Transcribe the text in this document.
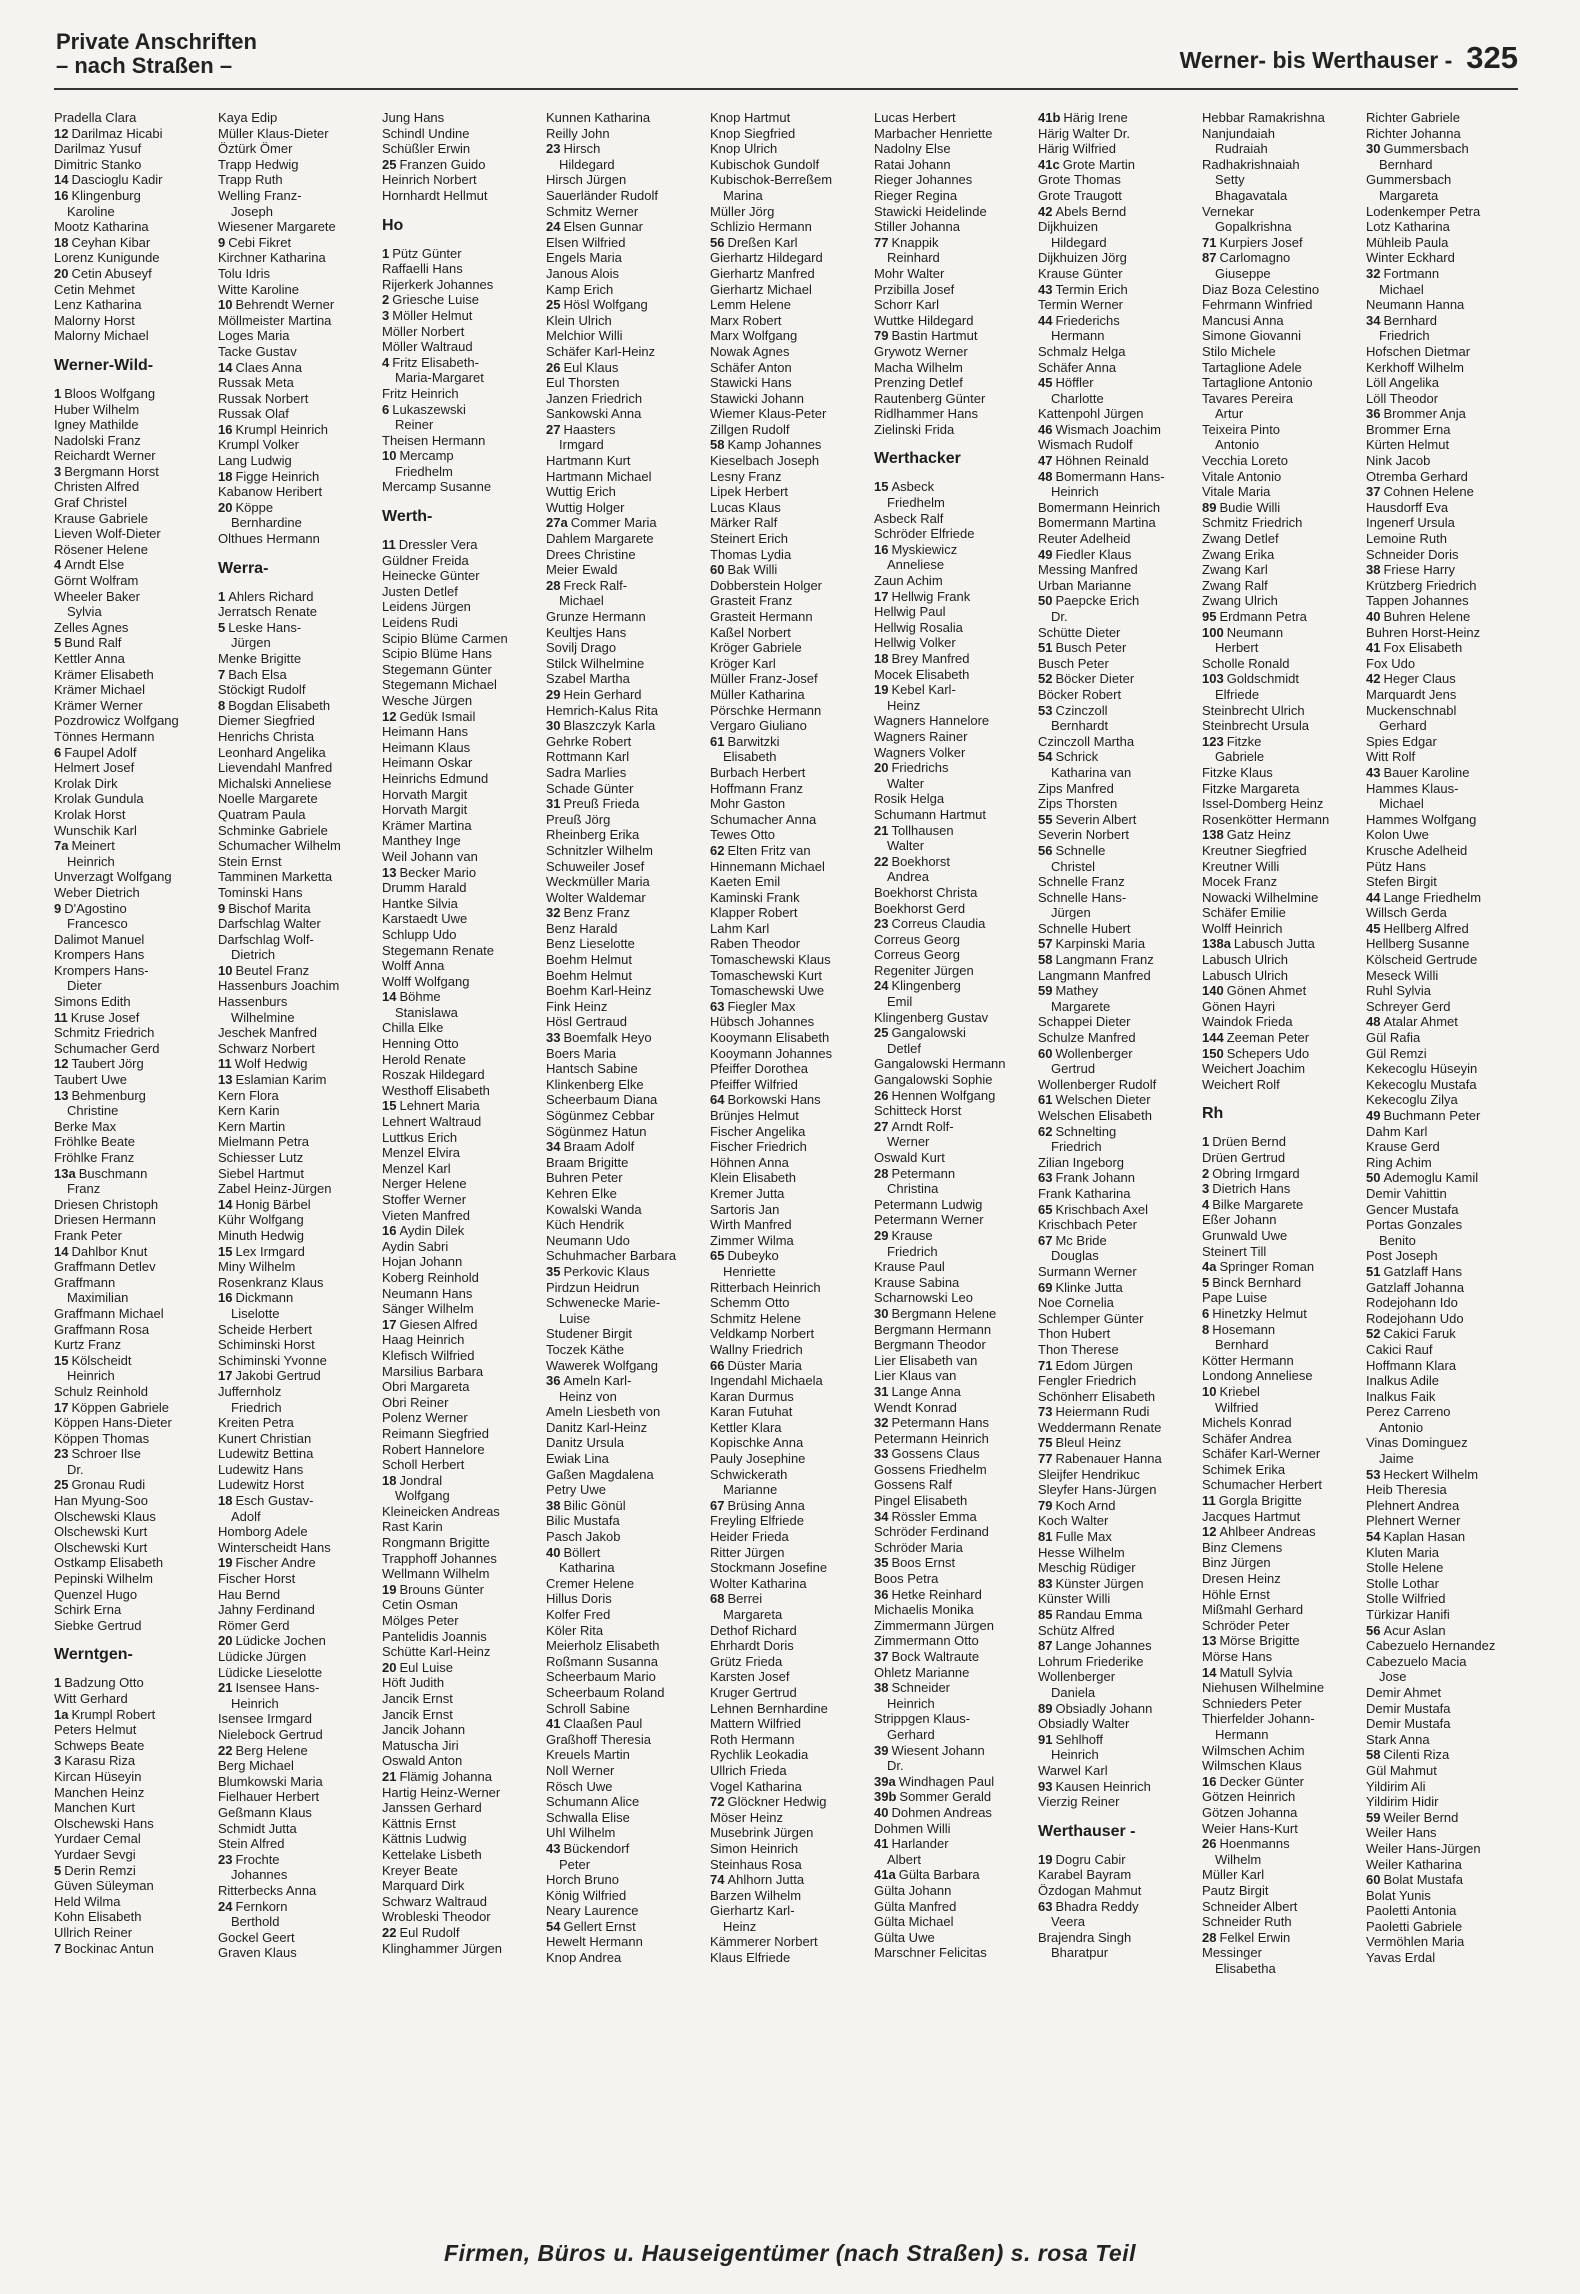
Private Anschriften
– nach Straßen –	Werner- bis Werthauser - 325
Pradella Clara
12 Darilmaz Hicabi
Darilmaz Yusuf
Dimitric Stanko
14 Dascioglu Kadir
16 Klingenburg
Karoline
Mootz Katharina
18 Ceyhan Kibar
Lorenz Kunigunde
20 Cetin Abuseyf
Cetin Mehmet
Lenz Katharina
Malorny Horst
Malorny Michael
Werner-Wild-
1 Bloos Wolfgang
Huber Wilhelm
Igney Mathilde
Nadolski Franz
Reichardt Werner
3 Bergmann Horst
Christen Alfred
Graf Christel
Krause Gabriele
Lieven Wolf-Dieter
Rösener Helene
4 Arndt Else
Görnt Wolfram
Wheeler Baker
Sylvia
Zelles Agnes
5 Bund Ralf
Kettler Anna
Krämer Elisabeth
Krämer Michael
Krämer Werner
Pozdrowicz Wolfgang
Tönnes Hermann
6 Faupel Adolf
Helmert Josef
Krolak Dirk
Krolak Gundula
Krolak Horst
Wunschik Karl
7a Meinert
Heinrich
Unverzagt Wolfgang
Weber Dietrich
9 D'Agostino
Francesco
Dalimot Manuel
Krompers Hans
Krompers Hans-
Dieter
Simons Edith
11 Kruse Josef
Schmitz Friedrich
Schumacher Gerd
12 Taubert Jörg
Taubert Uwe
13 Behmenburg
Christine
Berke Max
Fröhlke Beate
Fröhlke Franz
13a Buschmann
Franz
Driesen Christoph
Driesen Hermann
Frank Peter
14 Dahlbor Knut
Graffmann Detlev
Graffmann
Maximilian
Graffmann Michael
Graffmann Rosa
Kurtz Franz
15 Kölscheidt
Heinrich
Schulz Reinhold
17 Köppen Gabriele
Köppen Hans-Dieter
Köppen Thomas
23 Schroer Ilse
Dr.
25 Gronau Rudi
Han Myung-Soo
Olschewski Klaus
Olschewski Kurt
Olschewski Kurt
Ostkamp Elisabeth
Pepinski Wilhelm
Quenzel Hugo
Schirk Erna
Siebke Gertrud
Werntgen-
1 Badzung Otto
Witt Gerhard
1a Krumpl Robert
Peters Helmut
Schweps Beate
3 Karasu Riza
Kircan Hüseyin
Manchen Heinz
Manchen Kurt
Olschewski Hans
Yurdaer Cemal
Yurdaer Sevgi
5 Derin Remzi
Güven Süleyman
Held Wilma
Kohn Elisabeth
Ullrich Reiner
7 Bockinac Antun
Kaya Edip
Müller Klaus-Dieter
Öztürk Ömer
Trapp Hedwig
Trapp Ruth
Welling Franz-
Joseph
Wiesener Margarete
9 Cebi Fikret
Kirchner Katharina
Tolu Idris
Witte Karoline
10 Behrendt Werner
Möllmeister Martina
Loges Maria
Tacke Gustav
14 Claes Anna
Russak Meta
Russak Norbert
Russak Olaf
16 Krumpl Heinrich
Krumpl Volker
Lang Ludwig
18 Figge Heinrich
Kabanow Heribert
20 Köppe
Bernhardine
Olthues Hermann
Werra-
1 Ahlers Richard
Jerratsch Renate
5 Leske Hans-
Jürgen
Menke Brigitte
7 Bach Elsa
Stöckigt Rudolf
8 Bogdan Elisabeth
Diemer Siegfried
Henrichs Christa
Leonhard Angelika
Lievendahl Manfred
Michalski Anneliese
Noelle Margarete
Quatram Paula
Schminke Gabriele
Schumacher Wilhelm
Stein Ernst
Tamminen Marketta
Tominski Hans
9 Bischof Marita
Darfschlag Walter
Darfschlag Wolf-
Dietrich
10 Beutel Franz
Hassenburs Joachim
Hassenburs
Wilhelmine
Jeschek Manfred
Schwarz Norbert
11 Wolf Hedwig
13 Eslamian Karim
Kern Flora
Kern Karin
Kern Martin
Mielmann Petra
Schiesser Lutz
Siebel Hartmut
Zabel Heinz-Jürgen
14 Honig Bärbel
Kühr Wolfgang
Minuth Hedwig
15 Lex Irmgard
Miny Wilhelm
Rosenkranz Klaus
16 Dickmann
Liselotte
Scheide Herbert
Schiminski Horst
Schiminski Yvonne
17 Jakobi Gertrud
Juffernholz
Friedrich
Kreiten Petra
Kunert Christian
Ludewitz Bettina
Ludewitz Hans
Ludewitz Horst
18 Esch Gustav-
Adolf
Homborg Adele
Winterscheidt Hans
19 Fischer Andre
Fischer Horst
Hau Bernd
Jahny Ferdinand
Römer Gerd
20 Lüdicke Jochen
Lüdicke Jürgen
Lüdicke Lieselotte
21 Isensee Hans-
Heinrich
Isensee Irmgard
Nielebock Gertrud
22 Berg Helene
Berg Michael
Blumkowski Maria
Fielhauer Herbert
Geßmann Klaus
Schmidt Jutta
Stein Alfred
23 Frochte
Johannes
Ritterbecks Anna
24 Fernkorn
Berthold
Gockel Geert
Graven Klaus
Jung Hans
Schindl Undine
Schüßler Erwin
25 Franzen Guido
Heinrich Norbert
Hornhardt Hellmut
Ho
1 Pütz Günter
Raffaelli Hans
Rijerkerk Johannes
2 Griesche Luise
3 Möller Helmut
Möller Norbert
Möller Waltraud
4 Fritz Elisabeth-
Maria-Margaret
Fritz Heinrich
6 Lukaszewski
Reiner
Theisen Hermann
10 Mercamp
Friedhelm
Mercamp Susanne
Werth-
11 Dressler Vera
Güldner Freida
Heinecke Günter
Justen Detlef
Leidens Jürgen
Leidens Rudi
Scipio Blüme Carmen
Scipio Blüme Hans
Stegemann Günter
Stegemann Michael
Wesche Jürgen
12 Gedük Ismail
Heimann Hans
Heimann Klaus
Heimann Oskar
Heinrichs Edmund
Horvath Margit
Horvath Margit
Krämer Martina
Manthey Inge
Weil Johann van
13 Becker Mario
Drumm Harald
Hantke Silvia
Karstaedt Uwe
Schlupp Udo
Stegemann Renate
Wolff Anna
Wolff Wolfgang
14 Böhme
Stanislawa
Chilla Elke
Henning Otto
Herold Renate
Roszak Hildegard
Westhoff Elisabeth
15 Lehnert Maria
Lehnert Waltraud
Luttkus Erich
Menzel Elvira
Menzel Karl
Nerger Helene
Stoffer Werner
Vieten Manfred
16 Aydin Dilek
Aydin Sabri
Hojan Johann
Koberg Reinhold
Neumann Hans
Sänger Wilhelm
17 Giesen Alfred
Haag Heinrich
Klefisch Wilfried
Marsilius Barbara
Obri Margareta
Obri Reiner
Polenz Werner
Reimann Siegfried
Robert Hannelore
Scholl Herbert
18 Jondral
Wolfgang
Kleineicken Andreas
Rast Karin
Rongmann Brigitte
Trapphoff Johannes
Wellmann Wilhelm
19 Brouns Günter
Cetin Osman
Mölges Peter
Pantelidis Joannis
Schütte Karl-Heinz
20 Eul Luise
Höft Judith
Jancik Ernst
Jancik Ernst
Jancik Johann
Matuscha Jiri
Oswald Anton
21 Flämig Johanna
Hartig Heinz-Werner
Janssen Gerhard
Kättnis Ernst
Kättnis Ludwig
Kettelake Lisbeth
Kreyer Beate
Marquard Dirk
Schwarz Waltraud
Wrobleski Theodor
22 Eul Rudolf
Klinghammer Jürgen
Kunnen Katharina
Reilly John
23 Hirsch
Hildegard
Hirsch Jürgen
Sauerländer Rudolf
Schmitz Werner
24 Elsen Gunnar
Elsen Wilfried
Engels Maria
Janous Alois
Kamp Erich
25 Hösl Wolfgang
Klein Ulrich
Melchior Willi
Schäfer Karl-Heinz
26 Eul Klaus
Eul Thorsten
Janzen Friedrich
Sankowski Anna
27 Haasters
Irmgard
Hartmann Kurt
Hartmann Michael
Wuttig Erich
Wuttig Holger
27a Commer Maria
Dahlem Margarete
Drees Christine
Meier Ewald
28 Freck Ralf-
Michael
Grunze Hermann
Keultjes Hans
Sovilj Drago
Stilck Wilhelmine
Szabel Martha
29 Hein Gerhard
Hemrich-Kalus Rita
30 Blaszczyk Karla
Gehrke Robert
Rottmann Karl
Sadra Marlies
Schade Günter
31 Preuß Frieda
Preuß Jörg
Rheinberg Erika
Schnitzler Wilhelm
Schuweiler Josef
Weckmüller Maria
Wolter Waldemar
32 Benz Franz
Benz Harald
Benz Lieselotte
Boehm Helmut
Boehm Helmut
Boehm Karl-Heinz
Fink Heinz
Hösl Gertraud
33 Boemfalk Heyo
Boers Maria
Hantsch Sabine
Klinkenberg Elke
Scheerbaum Diana
Sögünmez Cebbar
Sögünmez Hatun
34 Braam Adolf
Braam Brigitte
Buhren Peter
Kehren Elke
Kowalski Wanda
Küch Hendrik
Neumann Udo
Schuhmacher Barbara
35 Perkovic Klaus
Pirdzun Heidrun
Schwenecke Marie-
Luise
Studener Birgit
Toczek Käthe
Wawerek Wolfgang
36 Ameln Karl-
Heinz von
Ameln Liesbeth von
Danitz Karl-Heinz
Danitz Ursula
Ewiak Lina
Gaßen Magdalena
Petry Uwe
38 Bilic Gönül
Bilic Mustafa
Pasch Jakob
40 Böllert
Katharina
Cremer Helene
Hillus Doris
Kolfer Fred
Köler Rita
Meierholz Elisabeth
Roßmann Susanna
Scheerbaum Mario
Scheerbaum Roland
Schroll Sabine
41 Claaßen Paul
Graßhoff Theresia
Kreuels Martin
Noll Werner
Rösch Uwe
Schumann Alice
Schwalla Elise
Uhl Wilhelm
43 Bückendorf
Peter
Horch Bruno
König Wilfried
Neary Laurence
54 Gellert Ernst
Hewelt Hermann
Knop Andrea
Knop Hartmut
Knop Siegfried
Knop Ulrich
Kubischok Gundolf
Kubischok-Berreßem
Marina
Müller Jörg
Schlizio Hermann
56 Dreßen Karl
Gierhartz Hildegard
Gierhartz Manfred
Gierhartz Michael
Lemm Helene
Marx Robert
Marx Wolfgang
Nowak Agnes
Schäfer Anton
Stawicki Hans
Stawicki Johann
Wiemer Klaus-Peter
Zillgen Rudolf
58 Kamp Johannes
Kieselbach Joseph
Lesny Franz
Lipek Herbert
Lucas Klaus
Märker Ralf
Steinert Erich
Thomas Lydia
60 Bak Willi
Dobberstein Holger
Grasteit Franz
Grasteit Hermann
Kaßel Norbert
Kröger Gabriele
Kröger Karl
Müller Franz-Josef
Müller Katharina
Pörschke Hermann
Vergaro Giuliano
61 Barwitzki
Elisabeth
Burbach Herbert
Hoffmann Franz
Mohr Gaston
Schumacher Anna
Tewes Otto
62 Elten Fritz van
Hinnemann Michael
Kaeten Emil
Kaminski Frank
Klapper Robert
Lahm Karl
Raben Theodor
Tomaschewski Klaus
Tomaschewski Kurt
Tomaschewski Uwe
63 Fiegler Max
Hübsch Johannes
Kooymann Elisabeth
Kooymann Johannes
Pfeiffer Dorothea
Pfeiffer Wilfried
64 Borkowski Hans
Brünjes Helmut
Fischer Angelika
Fischer Friedrich
Höhnen Anna
Klein Elisabeth
Kremer Jutta
Sartoris Jan
Wirth Manfred
Zimmer Wilma
65 Dubeyko
Henriette
Ritterbach Heinrich
Schemm Otto
Schmitz Helene
Veldkamp Norbert
Wallny Friedrich
66 Düster Maria
Ingendahl Michaela
Karan Durmus
Karan Futuhat
Kettler Klara
Kopischke Anna
Pauly Josephine
Schwickerath
Marianne
67 Brüsing Anna
Freyling Elfriede
Heider Frieda
Ritter Jürgen
Stockmann Josefine
Wolter Katharina
68 Berrei
Margareta
Dethof Richard
Ehrhardt Doris
Grütz Frieda
Karsten Josef
Kruger Gertrud
Lehnen Bernhardine
Mattern Wilfried
Roth Hermann
Rychlik Leokadia
Ullrich Frieda
Vogel Katharina
72 Glöckner Hedwig
Möser Heinz
Musebrink Jürgen
Simon Heinrich
Steinhaus Rosa
74 Ahlhorn Jutta
Barzen Wilhelm
Gierhartz Karl-
Heinz
Kämmerer Norbert
Klaus Elfriede
Lucas Herbert
Marbacher Henriette
Nadolny Else
Ratai Johann
Rieger Johannes
Rieger Regina
Stawicki Heidelinde
Stiller Johanna
77 Knappik
Reinhard
Mohr Walter
Przibilla Josef
Schorr Karl
Wuttke Hildegard
79 Bastin Hartmut
Grywotz Werner
Macha Wilhelm
Prenzing Detlef
Rautenberg Günter
Ridlhammer Hans
Zielinski Frida
Werthacker
15 Asbeck
Friedhelm
Asbeck Ralf
Schröder Elfriede
16 Myskiewicz
Anneliese
Zaun Achim
17 Hellwig Frank
Hellwig Paul
Hellwig Rosalia
Hellwig Volker
18 Brey Manfred
Mocek Elisabeth
19 Kebel Karl-
Heinz
Wagners Hannelore
Wagners Rainer
Wagners Volker
20 Friedrichs
Walter
Rosik Helga
Schumann Hartmut
21 Tollhausen
Walter
22 Boekhorst
Andrea
Boekhorst Christa
Boekhorst Gerd
23 Correus Claudia
Correus Georg
Correus Georg
Regeniter Jürgen
24 Klingenberg
Emil
Klingenberg Gustav
25 Gangalowski
Detlef
Gangalowski Hermann
Gangalowski Sophie
26 Hennen Wolfgang
Schitteck Horst
27 Arndt Rolf-
Werner
Oswald Kurt
28 Petermann
Christina
Petermann Ludwig
Petermann Werner
29 Krause
Friedrich
Krause Paul
Krause Sabina
Scharnowski Leo
30 Bergmann Helene
Bergmann Hermann
Bergmann Theodor
Lier Elisabeth van
Lier Klaus van
31 Lange Anna
Wendt Konrad
32 Petermann Hans
Petermann Heinrich
33 Gossens Claus
Gossens Friedhelm
Gossens Ralf
Pingel Elisabeth
34 Rössler Emma
Schröder Ferdinand
Schröder Maria
35 Boos Ernst
Boos Petra
36 Hetke Reinhard
Michaelis Monika
Zimmermann Jürgen
Zimmermann Otto
37 Bock Waltraute
Ohletz Marianne
38 Schneider
Heinrich
Strippgen Klaus-
Gerhard
39 Wiesent Johann
Dr.
39a Windhagen Paul
39b Sommer Gerald
40 Dohmen Andreas
Dohmen Willi
41 Harlander
Albert
41a Gülta Barbara
Gülta Johann
Gülta Manfred
Gülta Michael
Gülta Uwe
Marschner Felicitas
41b Härig Irene
Härig Walter Dr.
Härig Wilfried
41c Grote Martin
Grote Thomas
Grote Traugott
42 Abels Bernd
Dijkhuizen
Hildegard
Dijkhuizen Jörg
Krause Günter
43 Termin Erich
Termin Werner
44 Friederichs
Hermann
Schmalz Helga
Schäfer Anna
45 Höffler
Charlotte
Kattenpohl Jürgen
46 Wismach Joachim
Wismach Rudolf
47 Höhnen Reinald
48 Bomermann Hans-
Heinrich
Bomermann Heinrich
Bomermann Martina
Reuter Adelheid
49 Fiedler Klaus
Messing Manfred
Urban Marianne
50 Paepcke Erich
Dr.
Schütte Dieter
51 Busch Peter
Busch Peter
52 Böcker Dieter
Böcker Robert
53 Czinczoll
Bernhardt
Czinczoll Martha
54 Schrick
Katharina van
Zips Manfred
Zips Thorsten
55 Severin Albert
Severin Norbert
56 Schnelle
Christel
Schnelle Franz
Schnelle Hans-
Jürgen
Schnelle Hubert
57 Karpinski Maria
58 Langmann Franz
Langmann Manfred
59 Mathey
Margarete
Schappei Dieter
Schulze Manfred
60 Wollenberger
Gertrud
Wollenberger Rudolf
61 Welschen Dieter
Welschen Elisabeth
62 Schnelting
Friedrich
Zilian Ingeborg
63 Frank Johann
Frank Katharina
65 Krischbach Axel
Krischbach Peter
67 Mc Bride
Douglas
Surmann Werner
69 Klinke Jutta
Noe Cornelia
Schlemper Günter
Thon Hubert
Thon Therese
71 Edom Jürgen
Fengler Friedrich
Schönherr Elisabeth
73 Heiermann Rudi
Weddermann Renate
75 Bleul Heinz
77 Rabenauer Hanna
Sleijfer Hendrikuc
Sleyfer Hans-Jürgen
79 Koch Arnd
Koch Walter
81 Fulle Max
Hesse Wilhelm
Meschig Rüdiger
83 Künster Jürgen
Künster Willi
85 Randau Emma
Schütz Alfred
87 Lange Johannes
Lohrum Friederike
Wollenberger
Daniela
89 Obsiadly Johann
Obsiadly Walter
91 Sehlhoff
Heinrich
Warwel Karl
93 Kausen Heinrich
Vierzig Reiner
Werthauser -
19 Dogru Cabir
Karabel Bayram
Özdogan Mahmut
63 Bhadra Reddy
Veera
Brajendra Singh
Bharatpur
Hebbar Ramakrishna
Nanjundaiah
Rudraiah
Radhakrishnaiah
Setty
Bhagavatala
Vernekar
Gopalkrishna
71 Kurpiers Josef
87 Carlomagno
Giuseppe
Diaz Boza Celestino
Fehrmann Winfried
Mancusi Anna
Simone Giovanni
Stilo Michele
Tartaglione Adele
Tartaglione Antonio
Tavares Pereira
Artur
Teixeira Pinto
Antonio
Vecchia Loreto
Vitale Antonio
Vitale Maria
89 Budie Willi
Schmitz Friedrich
Zwang Detlef
Zwang Erika
Zwang Karl
Zwang Ralf
Zwang Ulrich
95 Erdmann Petra
100 Neumann
Herbert
Scholle Ronald
103 Goldschmidt
Elfriede
Steinbrecht Ulrich
Steinbrecht Ursula
123 Fitzke
Gabriele
Fitzke Klaus
Fitzke Margareta
Issel-Domberg Heinz
Rosenkötter Hermann
138 Gatz Heinz
Kreutner Siegfried
Kreutner Willi
Mocek Franz
Nowacki Wilhelmine
Schäfer Emilie
Wolff Heinrich
138a Labusch Jutta
Labusch Ulrich
Labusch Ulrich
140 Gönen Ahmet
Gönen Hayri
Waindok Frieda
144 Zeeman Peter
150 Schepers Udo
Weichert Joachim
Weichert Rolf
Rh
1 Drüen Bernd
Drüen Gertrud
2 Obring Irmgard
3 Dietrich Hans
4 Bilke Margarete
Eßer Johann
Grunwald Uwe
Steinert Till
4a Springer Roman
5 Binck Bernhard
Pape Luise
6 Hinetzky Helmut
8 Hosemann
Bernhard
Kötter Hermann
Londong Anneliese
10 Kriebel
Wilfried
Michels Konrad
Schäfer Andrea
Schäfer Karl-Werner
Schimek Erika
Schumacher Herbert
11 Gorgla Brigitte
Jacques Hartmut
12 Ahlbeer Andreas
Binz Clemens
Binz Jürgen
Dresen Heinz
Höhle Ernst
Mißmahl Gerhard
Schröder Peter
13 Mörse Brigitte
Mörse Hans
14 Matull Sylvia
Niehusen Wilhelmine
Schnieders Peter
Thierfelder Johann-
Hermann
Wilmschen Achim
Wilmschen Klaus
16 Decker Günter
Götzen Heinrich
Götzen Johanna
Weier Hans-Kurt
26 Hoenmanns
Wilhelm
Müller Karl
Pautz Birgit
Schneider Albert
Schneider Ruth
28 Felkel Erwin
Messinger
Elisabetha
Richter Gabriele
Richter Johanna
30 Gummersbach
Bernhard
Gummersbach
Margareta
Lodenkemper Petra
Lotz Katharina
Mühleib Paula
Winter Eckhard
32 Fortmann
Michael
Neumann Hanna
34 Bernhard
Friedrich
Hofschen Dietmar
Kerkhoff Wilhelm
Löll Angelika
Löll Theodor
36 Brommer Anja
Brommer Erna
Kürten Helmut
Nink Jacob
Otremba Gerhard
37 Cohnen Helene
Hausdorff Eva
Ingenerf Ursula
Lemoine Ruth
Schneider Doris
38 Friese Harry
Krützberg Friedrich
Tappen Johannes
40 Buhren Helene
Buhren Horst-Heinz
41 Fox Elisabeth
Fox Udo
42 Heger Claus
Marquardt Jens
Muckenschnabl
Gerhard
Spies Edgar
Witt Rolf
43 Bauer Karoline
Hammes Klaus-
Michael
Hammes Wolfgang
Kolon Uwe
Krusche Adelheid
Pütz Hans
Stefen Birgit
44 Lange Friedhelm
Willsch Gerda
45 Hellberg Alfred
Hellberg Susanne
Kölscheid Gertrude
Meseck Willi
Ruhl Sylvia
Schreyer Gerd
48 Atalar Ahmet
Gül Rafia
Gül Remzi
Kekecoglu Hüseyin
Kekecoglu Mustafa
Kekecoglu Zilya
49 Buchmann Peter
Dahm Karl
Krause Gerd
Ring Achim
50 Ademoglu Kamil
Demir Vahittin
Gencer Mustafa
Portas Gonzales
Benito
Post Joseph
51 Gatzlaff Hans
Gatzlaff Johanna
Rodejohann Ido
Rodejohann Udo
52 Cakici Faruk
Cakici Rauf
Hoffmann Klara
Inalkus Adile
Inalkus Faik
Perez Carreno
Antonio
Vinas Dominguez
Jaime
53 Heckert Wilhelm
Heib Theresia
Plehnert Andrea
Plehnert Werner
54 Kaplan Hasan
Kluten Maria
Stolle Helene
Stolle Lothar
Stolle Wilfried
Türkizar Hanifi
56 Acur Aslan
Cabezuelo Hernandez
Cabezuelo Macia
Jose
Demir Ahmet
Demir Mustafa
Demir Mustafa
Stark Anna
58 Cilenti Riza
Gül Mahmut
Yildirim Ali
Yildirim Hidir
59 Weiler Bernd
Weiler Hans
Weiler Hans-Jürgen
Weiler Katharina
60 Bolat Mustafa
Bolat Yunis
Paoletti Antonia
Paoletti Gabriele
Vermöhlen Maria
Yavas Erdal
Firmen, Büros u. Hauseigentümer (nach Straßen) s. rosa Teil
